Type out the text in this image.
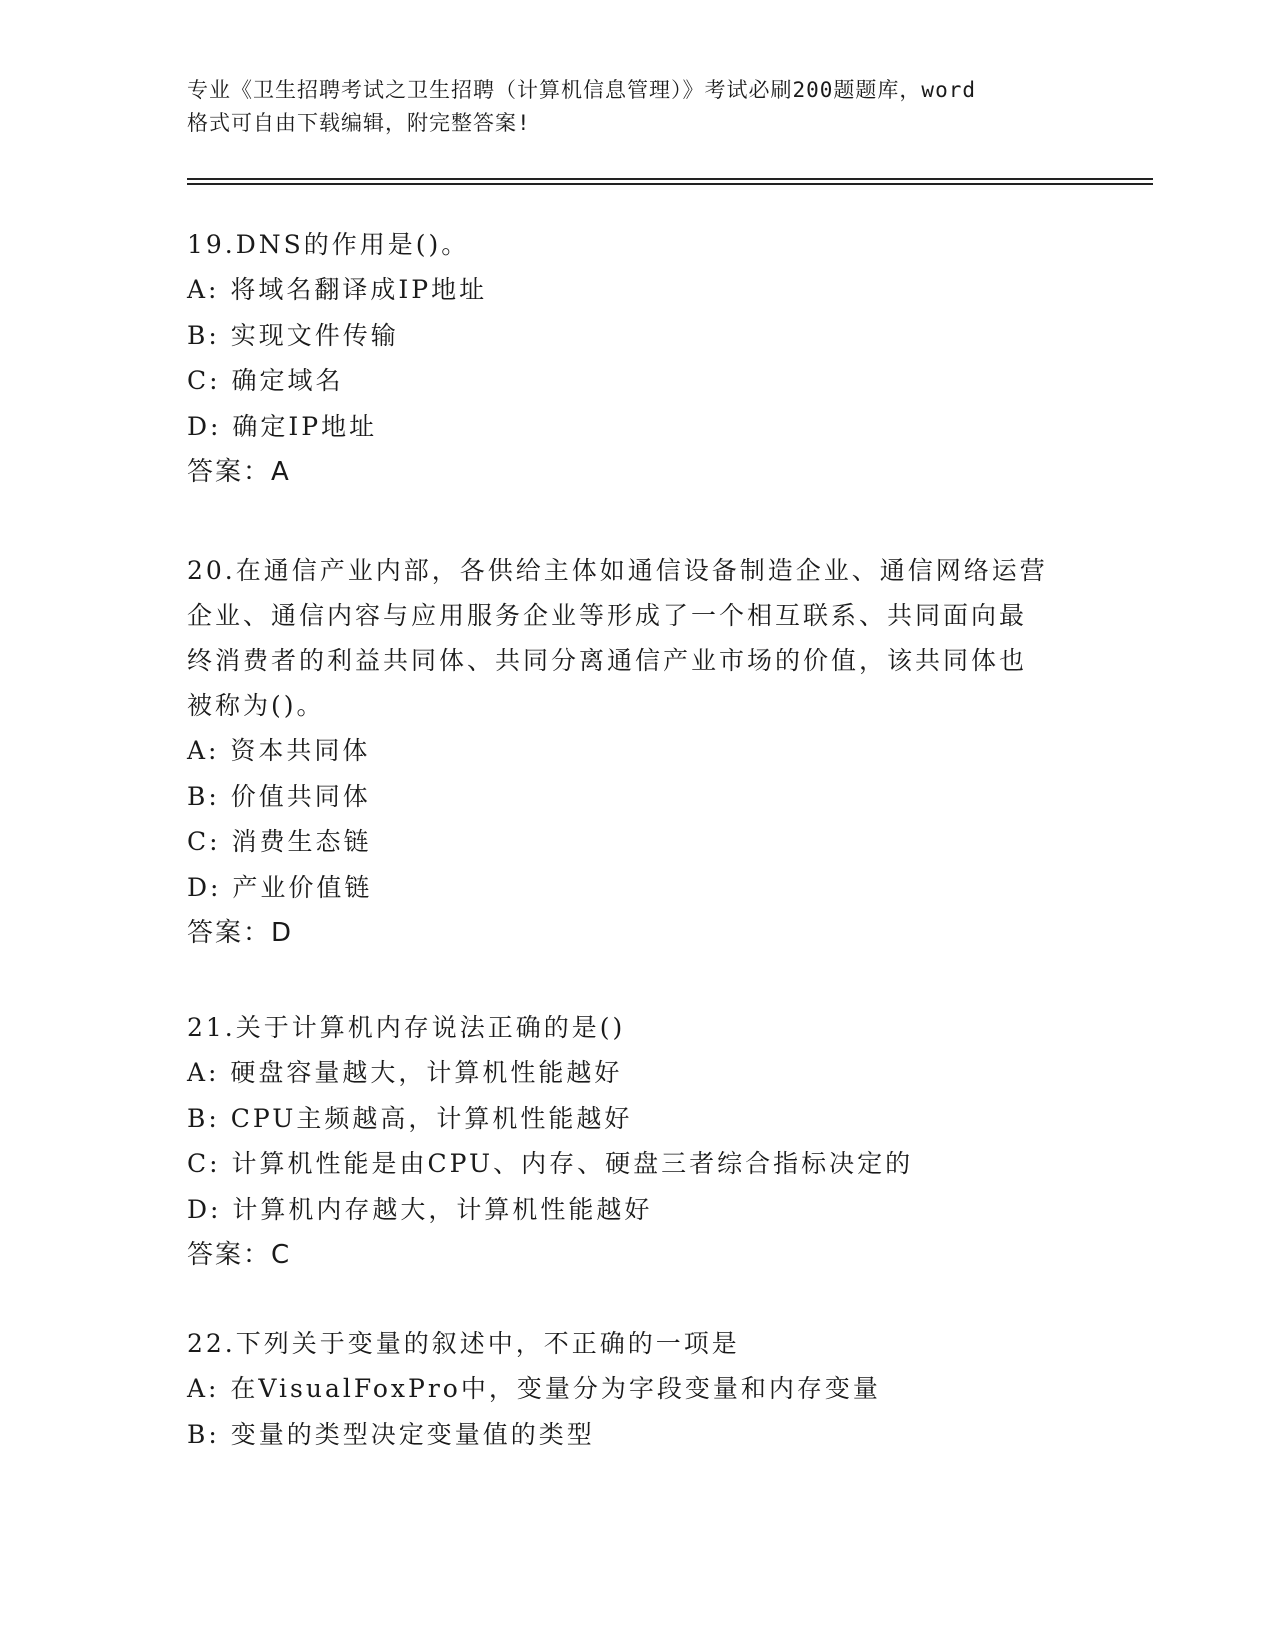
专业《卫生招聘考试之卫生招聘（计算机信息管理）》考试必刷200题题库，word
格式可自由下载编辑，附完整答案!
19.DNS的作用是()。
A: 将域名翻译成IP地址
B: 实现文件传输
C: 确定域名
D: 确定IP地址
答案：A
20.在通信产业内部，各供给主体如通信设备制造企业、通信网络运营
企业、通信内容与应用服务企业等形成了一个相互联系、共同面向最
终消费者的利益共同体、共同分离通信产业市场的价值，该共同体也
被称为()。
A: 资本共同体
B: 价值共同体
C: 消费生态链
D: 产业价值链
答案：D
21.关于计算机内存说法正确的是()
A: 硬盘容量越大，计算机性能越好
B: CPU主频越高，计算机性能越好
C: 计算机性能是由CPU、内存、硬盘三者综合指标决定的
D: 计算机内存越大，计算机性能越好
答案：C
22.下列关于变量的叙述中，不正确的一项是
A: 在VisualFoxPro中，变量分为字段变量和内存变量
B: 变量的类型决定变量值的类型
